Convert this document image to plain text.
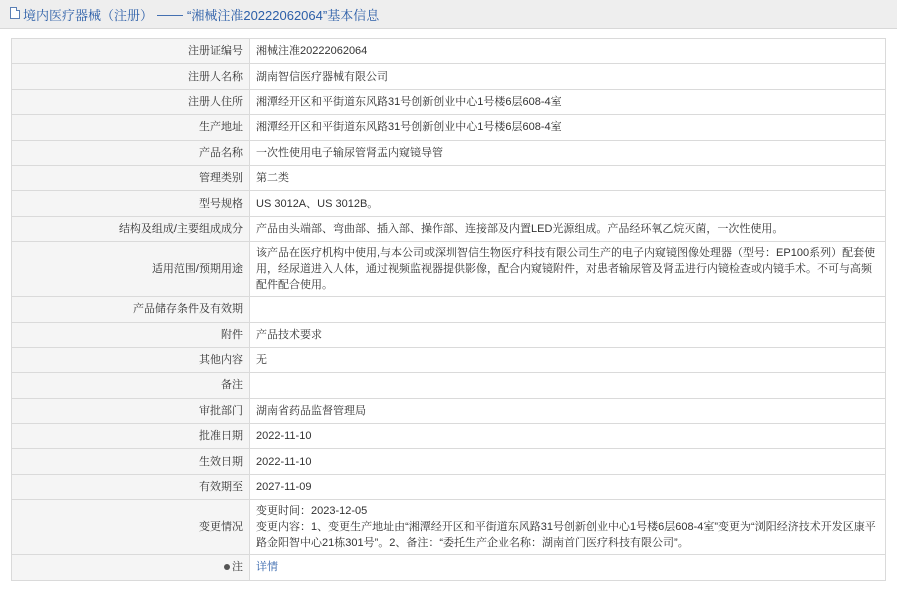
境内医疗器械（注册） —— “湘械注准20222062064”基本信息
注册证编号	湘械注准20222062064
注册人名称	湖南智信医疗器械有限公司
注册人住所	湘潭经开区和平街道东风路31号创新创业中心1号楼6层608-4室
生产地址	湘潭经开区和平街道东风路31号创新创业中心1号楼6层608-4室
产品名称	一次性使用电子输尿管肾盂内窥镜导管
管理类别	第二类
型号规格	US 3012A、US 3012B。
结构及组成/主要组成成分	产品由头端部、弯曲部、插入部、操作部、连接部及内置LED光源组成。产品经环氧乙烷灭菌，一次性使用。
适用范围/预期用途	该产品在医疗机构中使用,与本公司或深圳智信生物医疗科技有限公司生产的电子内窥镜图像处理器（型号：EP100系列）配套使用，经尿道进入人体，通过视频监视器提供影像，配合内窥镜附件，对患者输尿管及肾盂进行内镜检查或内镜手术。不可与高频配件配合使用。
产品储存条件及有效期	
附件	产品技术要求
其他内容	无
备注	
审批部门	湖南省药品监督管理局
批准日期	2022-11-10
生效日期	2022-11-10
有效期至	2027-11-09
变更情况	变更时间：2023-12-05
变更内容：1、变更生产地址由“湘潭经开区和平街道东风路31号创新创业中心1号楼6层608-4室”变更为“浏阳经济技术开发区康平路金阳智中心21栋301号”。2、备注：“委托生产企业名称：湖南首门医疗科技有限公司”。

注	详情
